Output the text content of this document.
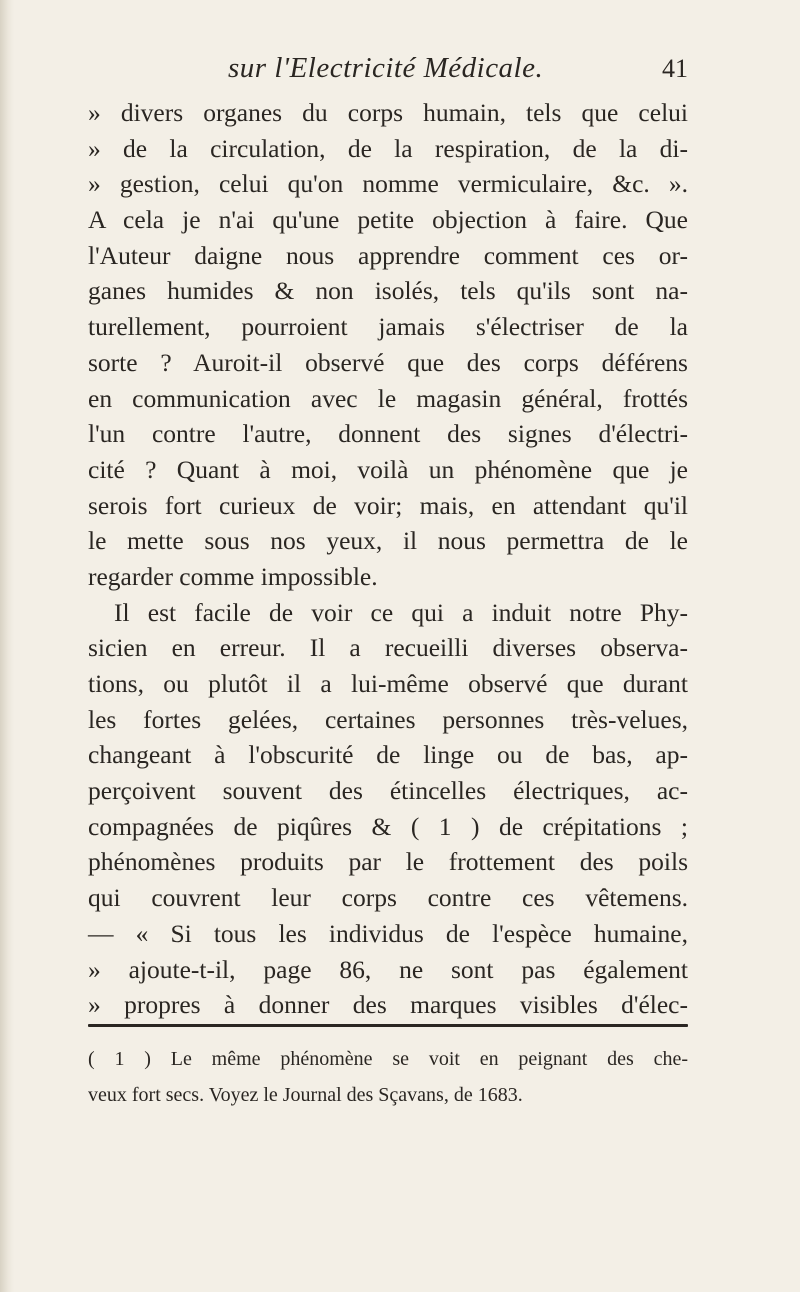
sur l'Electricité Médicale.	41
» divers organes du corps humain, tels que celui
» de la circulation, de la respiration, de la di-
» gestion, celui qu'on nomme vermiculaire, &c. ».
A cela je n'ai qu'une petite objection à faire. Que
l'Auteur daigne nous apprendre comment ces or-
ganes humides & non isolés, tels qu'ils sont na-
turellement, pourroient jamais s'électriser de la
sorte ? Auroit-il observé que des corps déférens
en communication avec le magasin général, frottés
l'un contre l'autre, donnent des signes d'électri-
cité ? Quant à moi, voilà un phénomène que je
serois fort curieux de voir; mais, en attendant qu'il
le mette sous nos yeux, il nous permettra de le
regarder comme impossible.
Il est facile de voir ce qui a induit notre Phy-
sicien en erreur. Il a recueilli diverses observa-
tions, ou plutôt il a lui-même observé que durant
les fortes gelées, certaines personnes très-velues,
changeant à l'obscurité de linge ou de bas, ap-
perçoivent souvent des étincelles électriques, ac-
compagnées de piqûres & ( 1 ) de crépitations ;
phénomènes produits par le frottement des poils
qui couvrent leur corps contre ces vêtemens.
— « Si tous les individus de l'espèce humaine,
» ajoute-t-il, page 86, ne sont pas également
» propres à donner des marques visibles d'élec-
( 1 ) Le même phénomène se voit en peignant des che-
veux fort secs. Voyez le Journal des Sçavans, de 1683.
